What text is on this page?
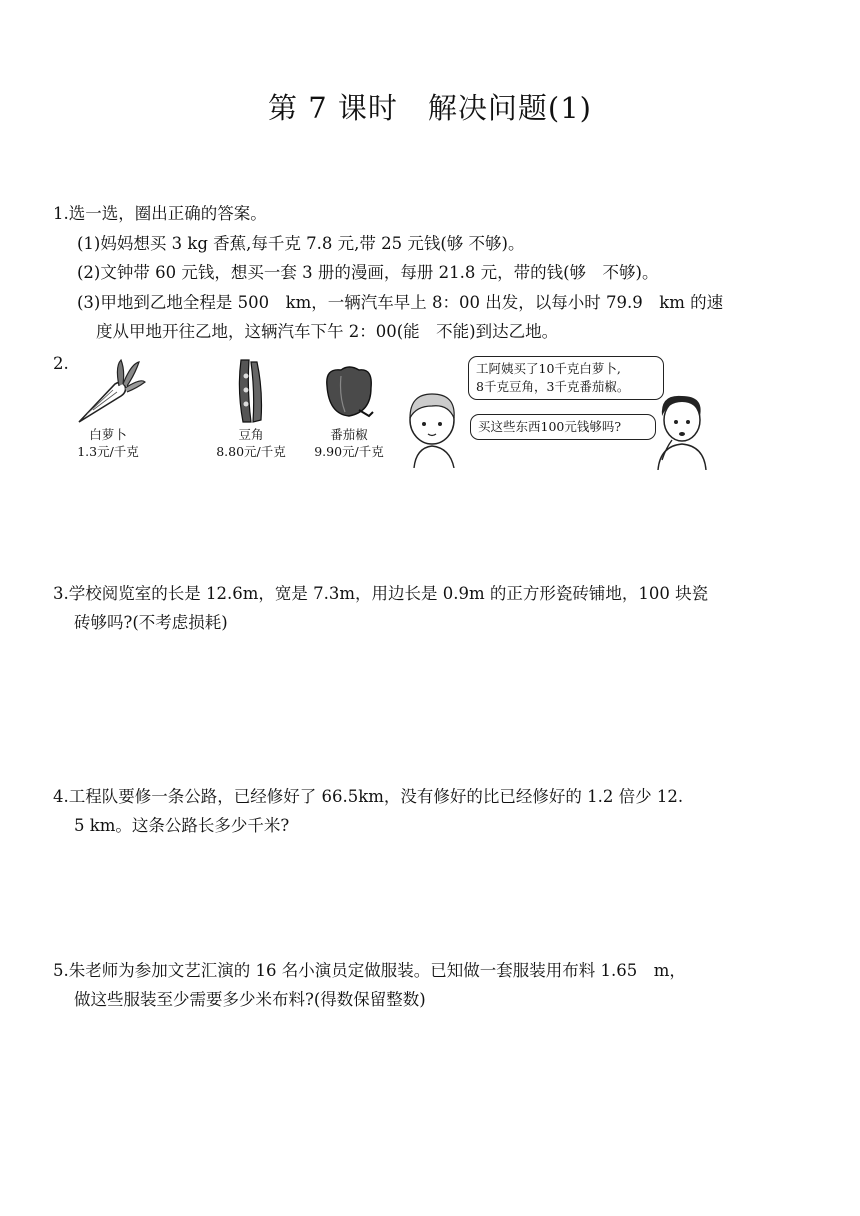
第 7 课时　解决问题(1)
1.选一选，圈出正确的答案。
(1)妈妈想买 3 kg 香蕉,每千克 7.8 元,带 25 元钱(够 不够)。
(2)文钟带 60 元钱，想买一套 3 册的漫画，每册 21.8 元，带的钱(够　不够)。
(3)甲地到乙地全程是 500　km，一辆汽车早上 8：00 出发，以每小时 79.9　km 的速
度从甲地开往乙地，这辆汽车下午 2：00(能　不能)到达乙地。
2.
白萝卜
1.3元/千克
豆角
8.80元/千克
番茄椒
9.90元/千克
工阿姨买了10千克白萝卜,
8千克豆角，3千克番茄椒。
买这些东西100元钱够吗?
3.学校阅览室的长是 12.6m，宽是 7.3m，用边长是 0.9m 的正方形瓷砖铺地，100 块瓷
砖够吗?(不考虑损耗)
4.工程队要修一条公路，已经修好了 66.5km，没有修好的比已经修好的 1.2 倍少 12.
5 km。这条公路长多少千米?
5.朱老师为参加文艺汇演的 16 名小演员定做服装。已知做一套服装用布料 1.65　m，
做这些服装至少需要多少米布料?(得数保留整数)
